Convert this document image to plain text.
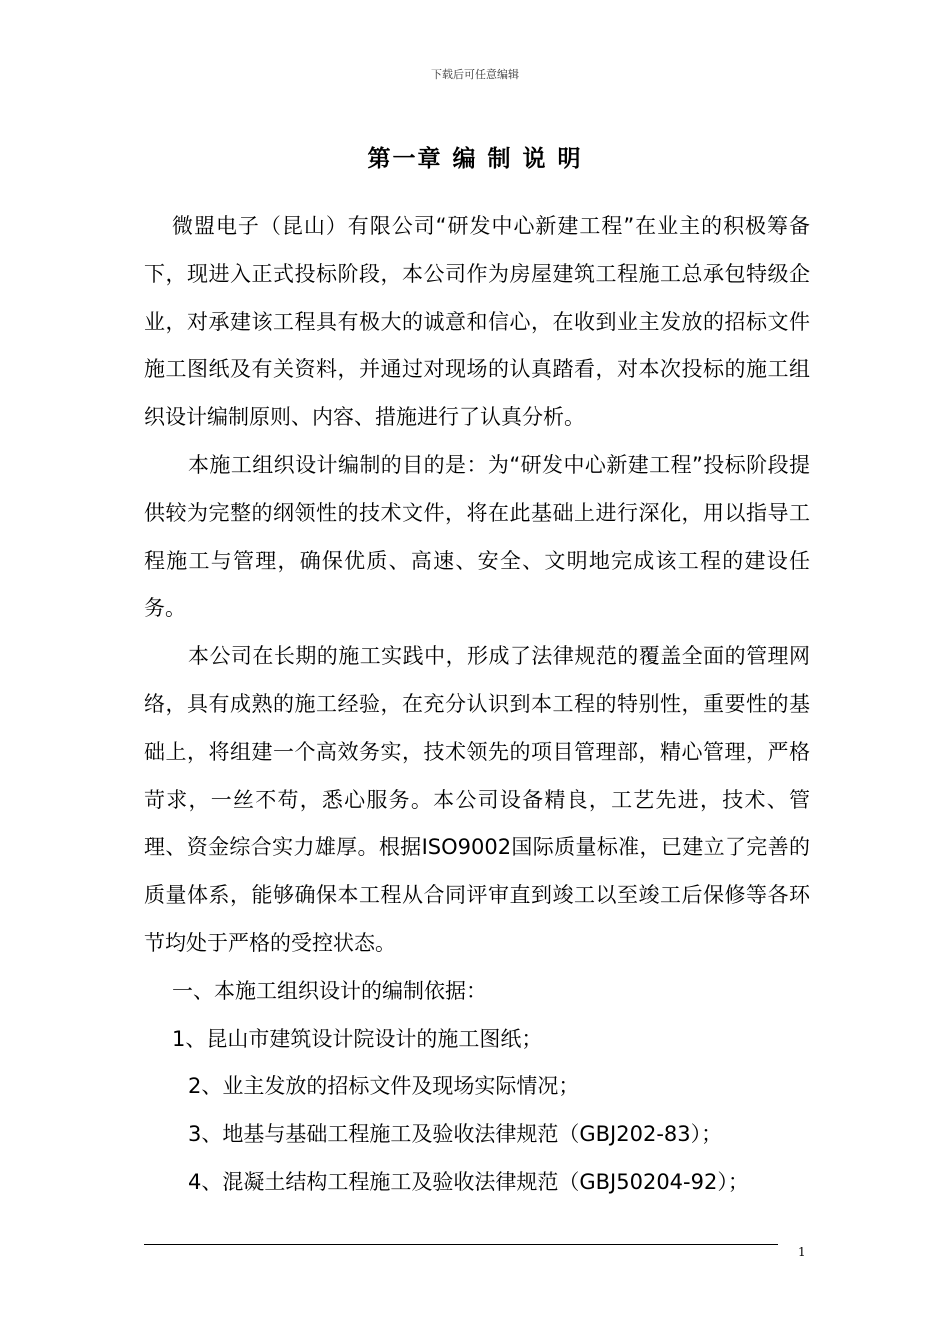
下载后可任意编辑
第一章 编 制 说 明

微盟电子（昆山）有限公司“研发中心新建工程”在业主的积极筹备下，现进入正式投标阶段，本公司作为房屋建筑工程施工总承包特级企业，对承建该工程具有极大的诚意和信心，在收到业主发放的招标文件施工图纸及有关资料，并通过对现场的认真踏看，对本次投标的施工组织设计编制原则、内容、措施进行了认真分析。

本施工组织设计编制的目的是：为“研发中心新建工程”投标阶段提供较为完整的纲领性的技术文件，将在此基础上进行深化，用以指导工程施工与管理，确保优质、高速、安全、文明地完成该工程的建设任务。

本公司在长期的施工实践中，形成了法律规范的覆盖全面的管理网络，具有成熟的施工经验，在充分认识到本工程的特别性，重要性的基础上，将组建一个高效务实，技术领先的项目管理部，精心管理，严格苛求，一丝不苟，悉心服务。本公司设备精良，工艺先进，技术、管理、资金综合实力雄厚。根据ISO9002国际质量标准，已建立了完善的质量体系，能够确保本工程从合同评审直到竣工以至竣工后保修等各环节均处于严格的受控状态。

一、本施工组织设计的编制依据：

1、昆山市建筑设计院设计的施工图纸；

2、业主发放的招标文件及现场实际情况；

3、地基与基础工程施工及验收法律规范（GBJ202-83）；

4、混凝土结构工程施工及验收法律规范（GBJ50204-92）；

1
